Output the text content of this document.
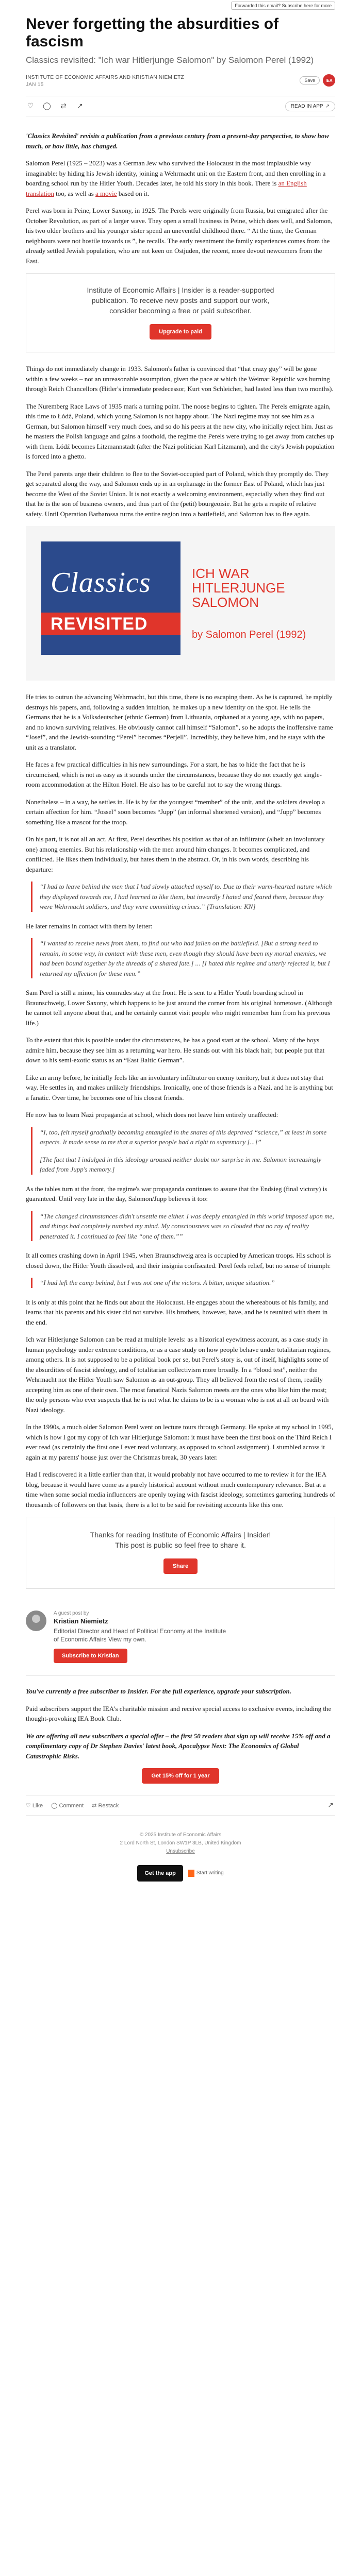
Forwarded this email? Subscribe here for more
Never forgetting the absurdities of fascism
Classics revisited: "Ich war Hitlerjunge Salomon" by Salomon Perel (1992)
INSTITUTE OF ECONOMIC AFFAIRS AND KRISTIAN NIEMIETZ
JAN 15
Save	IEA
♡ ◯ ⇄ ↗	READ IN APP ↗

'Classics Revisited' revisits a publication from a previous century from a present-day perspective, to show how much, or how little, has changed.

Salomon Perel (1925 – 2023) was a German Jew who survived the Holocaust in the most implausible way imaginable: by hiding his Jewish identity, joining a Wehrmacht unit on the Eastern front, and then enrolling in a boarding school run by the Hitler Youth. Decades later, he told his story in this book. There is an English translation too, as well as a movie based on it.

Perel was born in Peine, Lower Saxony, in 1925. The Perels were originally from Russia, but emigrated after the October Revolution, as part of a larger wave. They open a small business in Peine, which does well, and Salomon, his two older brothers and his younger sister spend an uneventful childhood there. “ At the time, the German neighbours were not hostile towards us ”, he recalls. The early resentment the family experiences comes from the already settled Jewish population, who are not keen on Ostjuden, the recent, more devout newcomers from the East.

Institute of Economic Affairs | Insider is a reader-supported publication. To receive new posts and support our work, consider becoming a free or paid subscriber.
Upgrade to paid

Things do not immediately change in 1933. Salomon's father is convinced that “that crazy guy” will be gone within a few weeks – not an unreasonable assumption, given the pace at which the Weimar Republic was burning through Reich Chancellors (Hitler's immediate predecessor, Kurt von Schleicher, had lasted less than two months).

The Nuremberg Race Laws of 1935 mark a turning point. The noose begins to tighten. The Perels emigrate again, this time to Łódź, Poland, which young Salomon is not happy about. The Nazi regime may not see him as a German, but Salomon himself very much does, and so do his peers at the new city, who initially reject him. Just as he masters the Polish language and gains a foothold, the regime the Perels were trying to get away from catches up with them. Łódź becomes Litzmannstadt (after the Nazi politician Karl Litzmann), and the city's Jewish population is forced into a ghetto.

The Perel parents urge their children to flee to the Soviet-occupied part of Poland, which they promptly do. They get separated along the way, and Salomon ends up in an orphanage in the former East of Poland, which has just become the West of the Soviet Union. It is not exactly a welcoming environment, especially when they find out that he is the son of business owners, and thus part of the (petit) bourgeoisie. But he gets a respite of relative safety. Until Operation Barbarossa turns the entire region into a battlefield, and Salomon has to flee again.

Classics
REVISITED
ICH WAR HITLERJUNGE SALOMON
by Salomon Perel (1992)

He tries to outrun the advancing Wehrmacht, but this time, there is no escaping them. As he is captured, he rapidly destroys his papers, and, following a sudden intuition, he makes up a new identity on the spot. He tells the Germans that he is a Volksdeutscher (ethnic German) from Lithuania, orphaned at a young age, with no papers, and no known surviving relatives. He obviously cannot call himself “Salomon”, so he adopts the inoffensive name “Josef”, and the Jewish-sounding “Perel” becomes “Perjell”. Incredibly, they believe him, and he stays with the unit as a translator.

He faces a few practical difficulties in his new surroundings. For a start, he has to hide the fact that he is circumcised, which is not as easy as it sounds under the circumstances, because they do not exactly get single-room accommodation at the Hilton Hotel. He also has to be careful not to say the wrong things.

Nonetheless – in a way, he settles in. He is by far the youngest “member” of the unit, and the soldiers develop a certain affection for him. “Jossel” soon becomes “Jupp” (an informal shortened version), and “Jupp” becomes something like a mascot for the troop.

On his part, it is not all an act. At first, Perel describes his position as that of an infiltrator (albeit an involuntary one) among enemies. But his relationship with the men around him changes. It becomes complicated, and conflicted. He likes them individually, but hates them in the abstract. Or, in his own words, describing his departure:

“I had to leave behind the men that I had slowly attached myself to. Due to their warm-hearted nature which they displayed towards me, I had learned to like them, but inwardly I hated and feared them, because they were Wehrmacht soldiers, and they were committing crimes.” [Translation: KN]

He later remains in contact with them by letter:

“I wanted to receive news from them, to find out who had fallen on the battlefield. [But a strong need to remain, in some way, in contact with these men, even though they should have been my mortal enemies, we had been bound together by the threads of a shared fate.] ... [I hated this regime and utterly rejected it, but I returned my affection for these men.”

Sam Perel is still a minor, his comrades stay at the front. He is sent to a Hitler Youth boarding school in Braunschweig, Lower Saxony, which happens to be just around the corner from his original hometown. (Although he cannot tell anyone about that, and he certainly cannot visit people who might remember him from his previous life.)

To the extent that this is possible under the circumstances, he has a good start at the school. Many of the boys admire him, because they see him as a returning war hero. He stands out with his black hair, but people put that down to his semi-exotic status as an “East Baltic German”.

Like an army before, he initially feels like an involuntary infiltrator on enemy territory, but it does not stay that way. He settles in, and makes unlikely friendships. Ironically, one of those friends is a Nazi, and he is anything but a fanatic. Over time, he becomes one of his closest friends.

He now has to learn Nazi propaganda at school, which does not leave him entirely unaffected:

“I, too, felt myself gradually becoming entangled in the snares of this depraved “science,” at least in some aspects. It made sense to me that a superior people had a right to supremacy [...]”

[The fact that I indulged in this ideology aroused neither doubt nor surprise in me. Salomon increasingly faded from Jupp's memory.]

As the tables turn at the front, the regime's war propaganda continues to assure that the Endsieg (final victory) is guaranteed. Until very late in the day, Salomon/Jupp believes it too:

“The changed circumstances didn't unsettle me either. I was deeply entangled in this world imposed upon me, and things had completely numbed my mind. My consciousness was so clouded that no ray of reality penetrated it. I continued to feel like “one of them.””

It all comes crashing down in April 1945, when Braunschweig area is occupied by American troops. His school is closed down, the Hitler Youth dissolved, and their insignia confiscated. Perel feels relief, but no sense of triumph:

“I had left the camp behind, but I was not one of the victors. A bitter, unique situation.”

It is only at this point that he finds out about the Holocaust. He engages about the whereabouts of his family, and learns that his parents and his sister did not survive. His brothers, however, have, and he is reunited with them in the end.

Ich war Hitlerjunge Salomon can be read at multiple levels: as a historical eyewitness account, as a case study in human psychology under extreme conditions, or as a case study on how people behave under totalitarian regimes, among others. It is not supposed to be a political book per se, but Perel's story is, out of itself, highlights some of the absurdities of fascist ideology, and of totalitarian collectivism more broadly. In a “blood test”, neither the Wehrmacht nor the Hitler Youth saw Salomon as an out-group. They all believed from the rest of them, readily accepting him as one of their own. The most fanatical Nazis Salomon meets are the ones who like him the most; the only persons who ever suspects that he is not what he claims to be is a woman who is not at all on board with Nazi ideology.

In the 1990s, a much older Salomon Perel went on lecture tours through Germany. He spoke at my school in 1995, which is how I got my copy of Ich war Hitlerjunge Salomon: it must have been the first book on the Third Reich I ever read (as certainly the first one I ever read voluntary, as opposed to school assignment). I stumbled across it again at my parents' house just over the Christmas break, 30 years later.

Had I rediscovered it a little earlier than that, it would probably not have occurred to me to review it for the IEA blog, because it would have come as a purely historical account without much contemporary relevance. But at a time when some social media influencers are openly toying with fascist ideology, sometimes garnering hundreds of thousands of followers on that basis, there is a lot to be said for revisiting accounts like this one.

Thanks for reading Institute of Economic Affairs | Insider! This post is public so feel free to share it.
Share
A guest post by
Kristian Niemietz
Editorial Director and Head of Political Economy at the Institute of Economic Affairs View my own.
Subscribe to Kristian

You've currently a free subscriber to Insider. For the full experience, upgrade your subscription.

Paid subscribers support the IEA's charitable mission and receive special access to exclusive events, including the thought-provoking IEA Book Club.

We are offering all new subscribers a special offer – the first 50 readers that sign up will receive 15% off and a complimentary copy of Dr Stephen Davies' latest book, Apocalypse Next: The Economics of Global Catastrophic Risks.

Get 15% off for 1 year
♡ Like ◯ Comment ⇄ Restack	↗
© 2025 Institute of Economic Affairs
2 Lord North St, London SW1P 3LB, United Kingdom
Unsubscribe
Get the app	Start writing
